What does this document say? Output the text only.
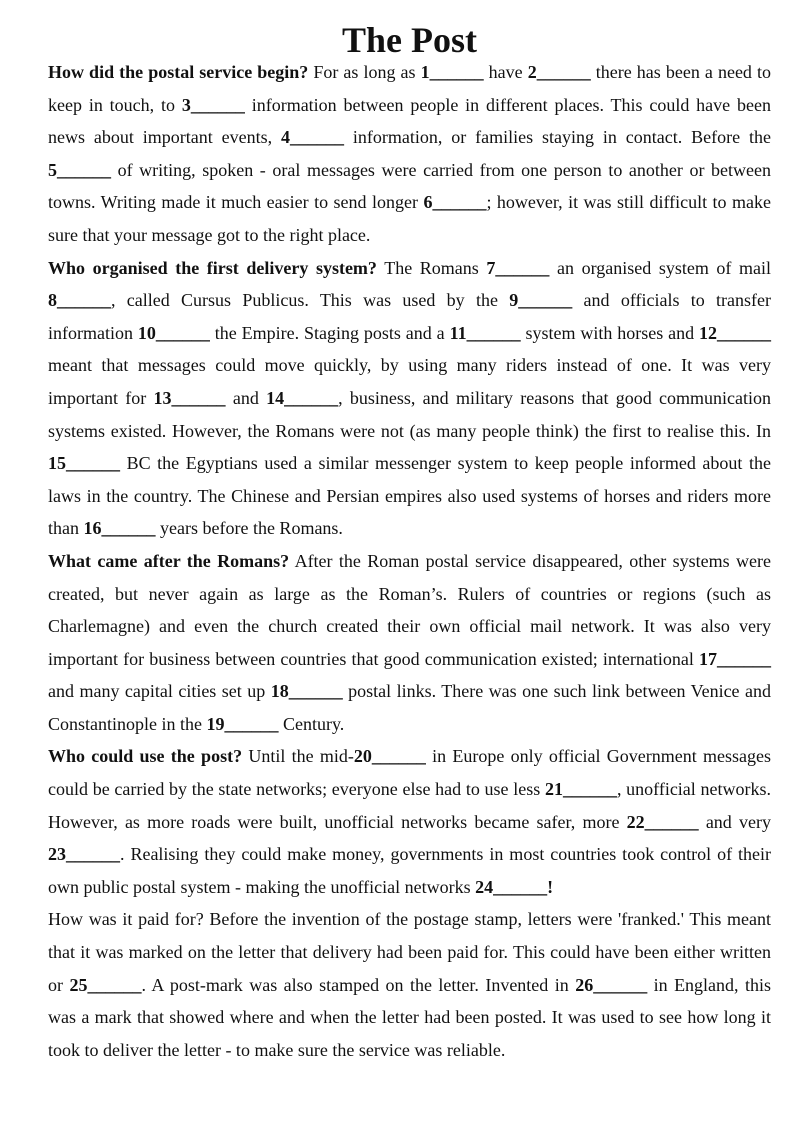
The Post

How did the postal service begin? For as long as 1______ have 2______ there has been a need to keep in touch, to 3______ information between people in different places. This could have been news about important events, 4______ information, or families staying in contact. Before the 5______ of writing, spoken - oral messages were carried from one person to another or between towns. Writing made it much easier to send longer 6______; however, it was still difficult to make sure that your message got to the right place.

Who organised the first delivery system? The Romans 7______ an organised system of mail 8______, called Cursus Publicus. This was used by the 9______ and officials to transfer information 10______ the Empire. Staging posts and a 11______ system with horses and 12______ meant that messages could move quickly, by using many riders instead of one. It was very important for 13______ and 14______, business, and military reasons that good communication systems existed. However, the Romans were not (as many people think) the first to realise this. In 15______ BC the Egyptians used a similar messenger system to keep people informed about the laws in the country. The Chinese and Persian empires also used systems of horses and riders more than 16______ years before the Romans.

What came after the Romans? After the Roman postal service disappeared, other systems were created, but never again as large as the Roman’s. Rulers of countries or regions (such as Charlemagne) and even the church created their own official mail network. It was also very important for business between countries that good communication existed; international 17______ and many capital cities set up 18______ postal links. There was one such link between Venice and Constantinople in the 19______ Century.

Who could use the post? Until the mid-20______ in Europe only official Government messages could be carried by the state networks; everyone else had to use less 21______, unofficial networks. However, as more roads were built, unofficial networks became safer, more 22______ and very 23______. Realising they could make money, governments in most countries took control of their own public postal system - making the unofficial networks 24______!

How was it paid for? Before the invention of the postage stamp, letters were 'franked.' This meant that it was marked on the letter that delivery had been paid for. This could have been either written or 25______. A post-mark was also stamped on the letter. Invented in 26______ in England, this was a mark that showed where and when the letter had been posted. It was used to see how long it took to deliver the letter - to make sure the service was reliable.
